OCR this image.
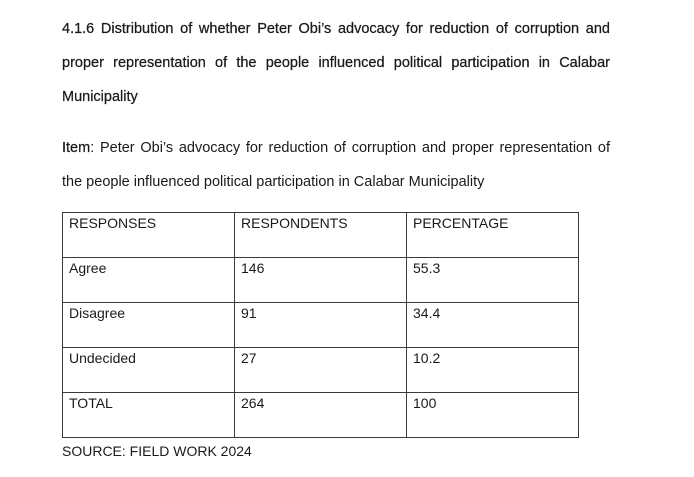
4.1.6 Distribution of whether Peter Obi’s advocacy for reduction of corruption and proper representation of the people influenced political participation in Calabar Municipality

Item: Peter Obi’s advocacy for reduction of corruption and proper representation of the people influenced political participation in Calabar Municipality

RESPONSES	RESPONDENTS	PERCENTAGE
Agree	146	55.3
Disagree	91	34.4
Undecided	27	10.2
TOTAL	264	100
SOURCE: FIELD WORK 2024
